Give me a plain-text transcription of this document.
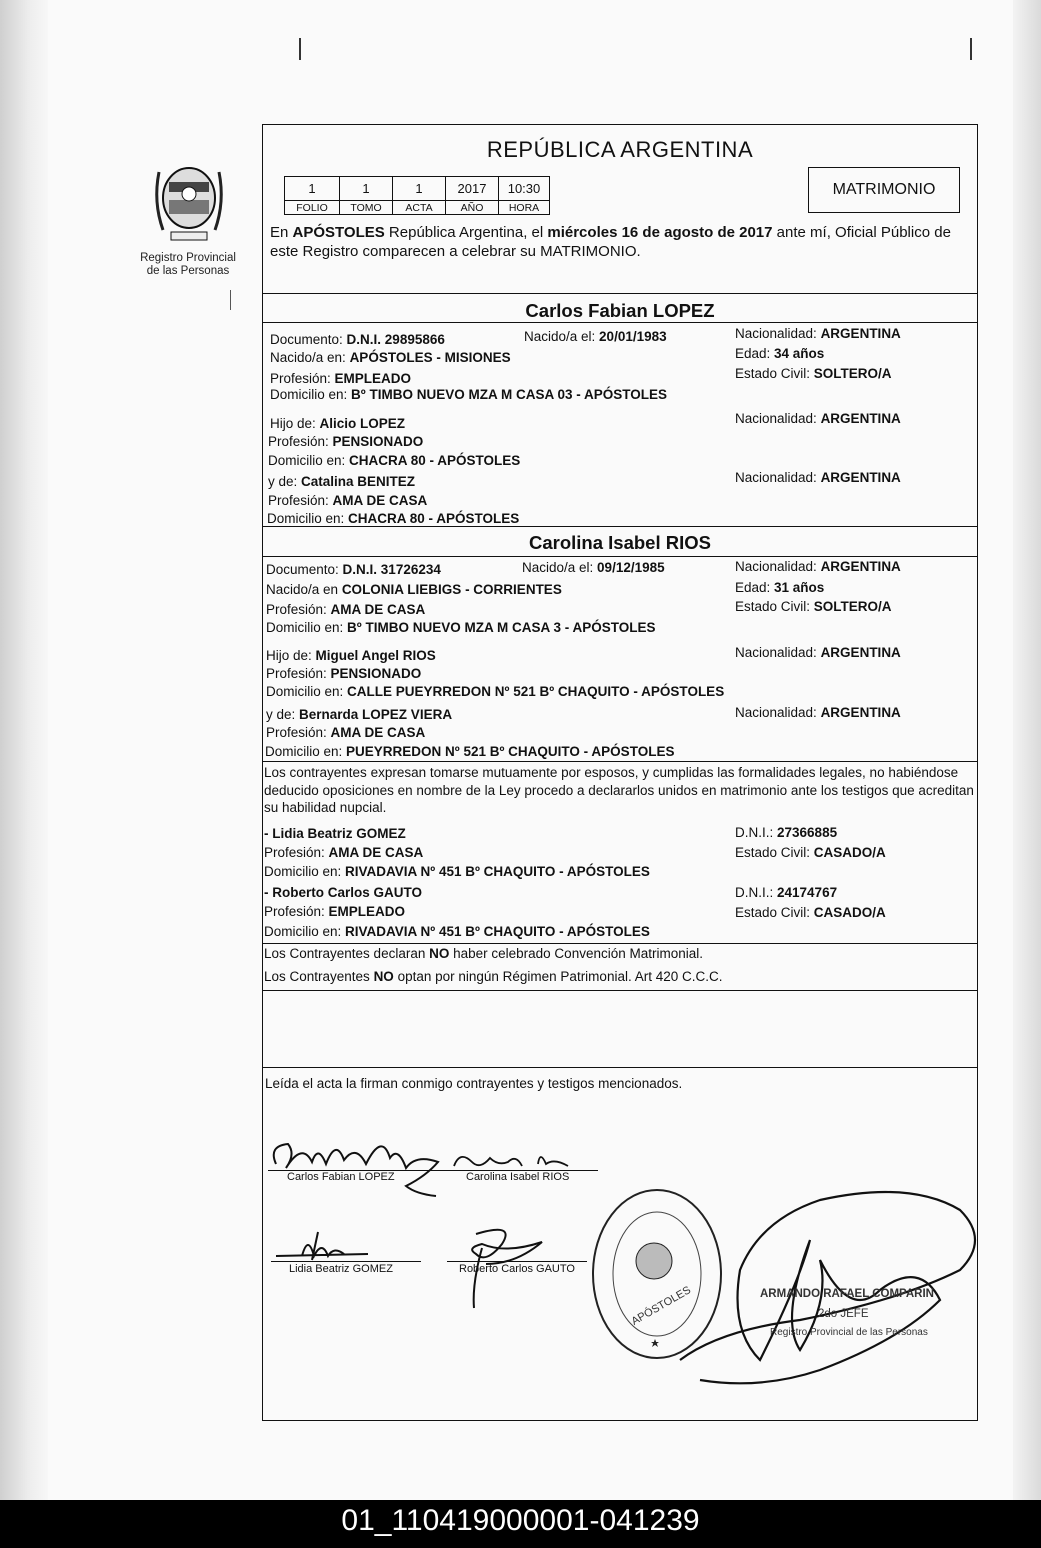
Registro Provincial
de las Personas
REPÚBLICA ARGENTINA
1	1	1	2017	10:30
FOLIO	TOMO	ACTA	AÑO	HORA
MATRIMONIO
En APÓSTOLES República Argentina, el miércoles 16 de agosto de 2017 ante mí, Oficial Público de este Registro comparecen a celebrar su MATRIMONIO.
Carlos Fabian LOPEZ
Documento: D.N.I. 29895866	Nacido/a el: 20/01/1983	Nacionalidad: ARGENTINA
Nacido/a en: APÓSTOLES - MISIONES	Edad: 34 años
Profesión: EMPLEADO	Estado Civil: SOLTERO/A
Domicilio en: Bº TIMBO NUEVO MZA M CASA 03 - APÓSTOLES
Hijo de: Alicio LOPEZ	Nacionalidad: ARGENTINA
Profesión: PENSIONADO
Domicilio en: CHACRA 80 - APÓSTOLES
y de: Catalina BENITEZ	Nacionalidad: ARGENTINA
Profesión: AMA DE CASA
Domicilio en: CHACRA 80 - APÓSTOLES
Carolina Isabel RIOS
Documento: D.N.I. 31726234	Nacido/a el: 09/12/1985	Nacionalidad: ARGENTINA
Nacido/a en COLONIA LIEBIGS - CORRIENTES	Edad: 31 años
Profesión: AMA DE CASA	Estado Civil: SOLTERO/A
Domicilio en: Bº TIMBO NUEVO MZA M CASA 3 - APÓSTOLES
Hijo de: Miguel Angel RIOS	Nacionalidad: ARGENTINA
Profesión: PENSIONADO
Domicilio en: CALLE PUEYRREDON Nº 521 Bº CHAQUITO - APÓSTOLES
y de: Bernarda LOPEZ VIERA	Nacionalidad: ARGENTINA
Profesión: AMA DE CASA
Domicilio en: PUEYRREDON Nº 521 Bº CHAQUITO - APÓSTOLES
Los contrayentes expresan tomarse mutuamente por esposos, y cumplidas las formalidades legales, no habiéndose deducido oposiciones en nombre de la Ley procedo a declararlos unidos en matrimonio ante los testigos que acreditan su habilidad nupcial.
- Lidia Beatriz GOMEZ	D.N.I.: 27366885
Profesión: AMA DE CASA	Estado Civil: CASADO/A
Domicilio en: RIVADAVIA Nº 451 Bº CHAQUITO - APÓSTOLES
- Roberto Carlos GAUTO	D.N.I.: 24174767
Profesión: EMPLEADO	Estado Civil: CASADO/A
Domicilio en: RIVADAVIA Nº 451 Bº CHAQUITO - APÓSTOLES
Los Contrayentes declaran NO haber celebrado Convención Matrimonial.
Los Contrayentes NO optan por ningún Régimen Patrimonial. Art 420 C.C.C.
Leída el acta la firman conmigo contrayentes y testigos mencionados.
Carlos Fabian LOPEZ	Carolina Isabel RIOS
Lidia Beatriz GOMEZ	Roberto Carlos GAUTO
APÓSTOLES	ARMANDO RAFAEL COMPARIN
2do JEFE
Registro Provincial de las Personas
01_110419000001-041239
